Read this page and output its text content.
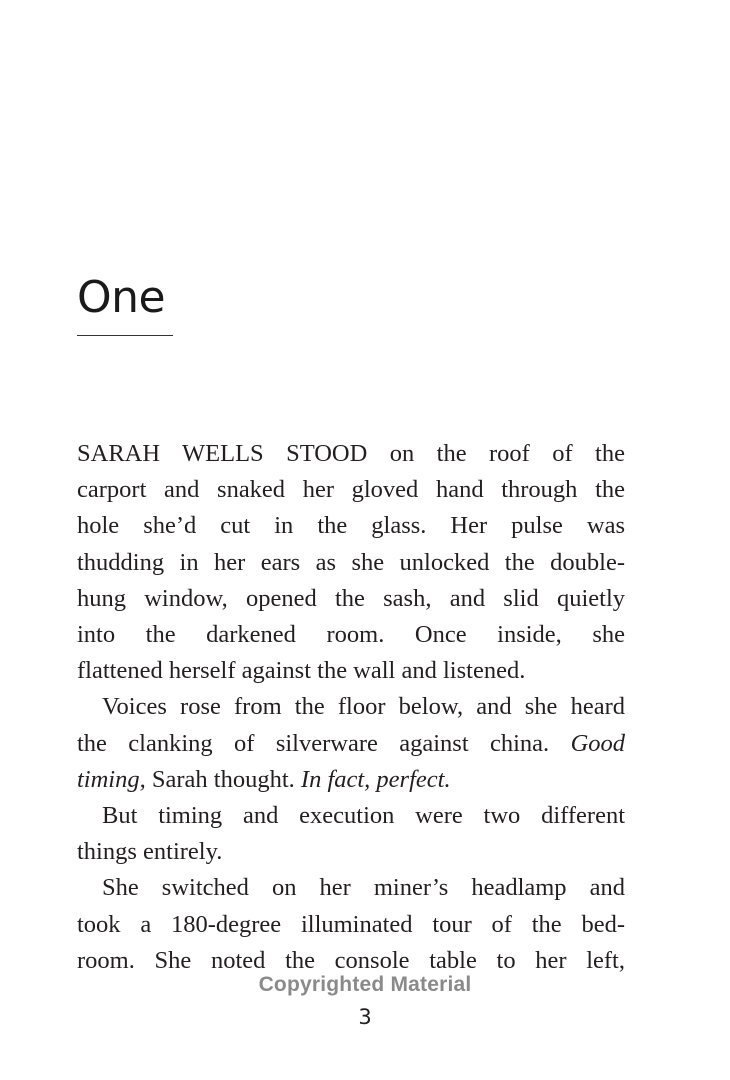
One
SARAH WELLS STOOD on the roof of the
carport and snaked her gloved hand through the
hole she’d cut in the glass. Her pulse was
thudding in her ears as she unlocked the double-
hung window, opened the sash, and slid quietly
into the darkened room. Once inside, she
flattened herself against the wall and listened.
Voices rose from the floor below, and she heard
the clanking of silverware against china. Good
timing, Sarah thought. In fact, perfect.
But timing and execution were two different
things entirely.
She switched on her miner’s headlamp and
took a 180-degree illuminated tour of the bed-
room. She noted the console table to her left,
Copyrighted Material
3
